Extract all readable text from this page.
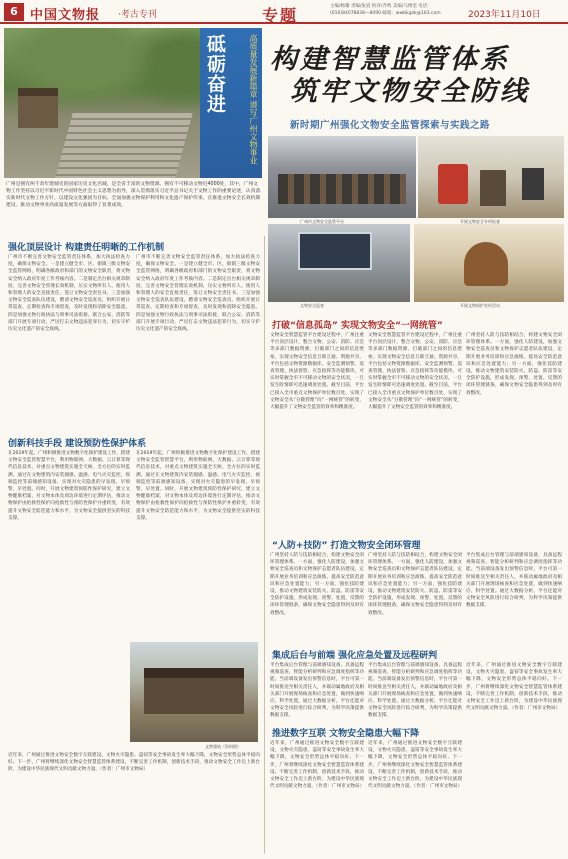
6 中国文物报 ·考古专刊	专题	主编/杨璐 责编/张宸 校对/齐鸣 美编/马傅奎 电话：(010)84078838—8090 邮箱：wwbkgzk@163.com	2023年11月10日
砥砺奋进	高质量发展新篇章 谱写广州文物事业
广州是拥有两千余年建城史的国家历史文化名城，是全省丰富的文物资源。拥有不可移动文物近4000处，其中，广州文物工作坚持以习近平新时代中国特色社会主义思想为指导，深入贯彻落实习近平总书记关于文物工作的重要论述，认真落实新时代文物工作方针，以建设文化强国为目标，全面加强文物保护利用和文化遗产保护传承，在推进文物安全长效机制建设、推动文物事业高质量发展等方面取得了显著成效。
构建智慧监管体系
筑牢文物安全防线
新时期广州强化文物安全监管探索与实践之路
广州市文物安全监管平台	开展文物安全专项检查
文物安全巡查	开展文物保护宣传活动
强化顶层设计 构建责任明晰的工作机制
广州市不断完善文物安全监管责任体系，加大执法检查力度，确保文物安全。一是建立健全市、区、街镇三级文物安全监管网络，明确各级政府和部门的文物安全职责，将文物安全纳入政府年度工作考核内容。二是制定出台相关规章制度，完善文物安全管理长效机制，压实文物所有人、使用人和管理人的安全直接责任，签订文物安全责任书。三是加强文物安全巡查队伍建设，聘请文物安全巡查员，组织开展日常巡查、定期检查和专项督查，及时发现和消除安全隐患。四是加强文物行政执法与刑事司法衔接，联合公安、消防等部门开展专项行动，严厉打击文物违法犯罪行为，切实守护历史文化遗产的安全底线。
广州市不断完善文物安全监管责任体系，加大执法检查力度，确保文物安全。一是建立健全市、区、街镇三级文物安全监管网络，明确各级政府和部门的文物安全职责，将文物安全纳入政府年度工作考核内容。二是制定出台相关规章制度，完善文物安全管理长效机制，压实文物所有人、使用人和管理人的安全直接责任，签订文物安全责任书。三是加强文物安全巡查队伍建设，聘请文物安全巡查员，组织开展日常巡查、定期检查和专项督查，及时发现和消除安全隐患。四是加强文物行政执法与刑事司法衔接，联合公安、消防等部门开展专项行动，严厉打击文物违法犯罪行为，切实守护历史文化遗产的安全底线。
创新科技手段 建设预防性保护体系
在2019年起，广州积极推进文物数字化保护建设工作，搭建文物安全监管智慧平台，利用物联网、大数据、云计算等现代信息技术，对重点文物建筑实施全天候、全方位的实时监测。通过在文物建筑内安装烟感、温感、电气火灾监控、视频监控等前端感知设备，实现对火灾隐患的早发现、早预警、早处置。同时，开展文物建筑预防性保护研究，建立文物健康档案，对文物本体及周边环境进行定期评估，推动文物保护由抢救性保护向抢救性与预防性保护并重转变，有效提升文物安全防范能力和水平，为文物安全提供坚实的科技支撑。
在2019年起，广州积极推进文物数字化保护建设工作，搭建文物安全监管智慧平台，利用物联网、大数据、云计算等现代信息技术，对重点文物建筑实施全天候、全方位的实时监测。通过在文物建筑内安装烟感、温感、电气火灾监控、视频监控等前端感知设备，实现对火灾隐患的早发现、早预警、早处置。同时，开展文物建筑预防性保护研究，建立文物健康档案，对文物本体及周边环境进行定期评估，推动文物保护由抢救性保护向抢救性与预防性保护并重转变，有效提升文物安全防范能力和水平，为文物安全提供坚实的科技支撑。
文物建筑（资料图）
近年来，广州通过推进文物安全数字互联建设，文物火灾隐患、盗窃等安全事故发生率大幅下降，文物安全形势总体平稳向好。下一步，广州将继续深化文物安全智慧监管体系建设，不断完善工作机制，创新技术手段，推动文物安全工作迈上新台阶，为建设中华民族现代文明贡献文物力量。（作者：广州市文物局）
打破“信息孤岛” 实现文物安全“一网统管”
文物安全智慧监管平台建设过程中，广州注重平台顶层设计，整合文物、公安、消防、应急等多部门数据资源，打破部门之间的信息壁垒，实现文物安全信息互联互通、资源共享。平台包括文物资源数据库、安全监测预警、巡查管理、执法督察、应急指挥等功能模块，可实时掌握全市不可移动文物的安全状况，一旦发生险情即可迅速调度处置。截至目前，平台已接入全市重点文物保护单位数百处，实现了文物安全从“分散管理”向“一网统管”的转变，大幅提升了文物安全监管的效率和精准度。
文物安全智慧监管平台建设过程中，广州注重平台顶层设计，整合文物、公安、消防、应急等多部门数据资源，打破部门之间的信息壁垒，实现文物安全信息互联互通、资源共享。平台包括文物资源数据库、安全监测预警、巡查管理、执法督察、应急指挥等功能模块，可实时掌握全市不可移动文物的安全状况，一旦发生险情即可迅速调度处置。截至目前，平台已接入全市重点文物保护单位数百处，实现了文物安全从“分散管理”向“一网统管”的转变，大幅提升了文物安全监管的效率和精准度。
广州坚持人防与技防相结合，构建文物安全闭环管理体系。一方面，强化人防建设，加强文物安全巡查员和文物保护志愿者队伍建设，定期开展业务培训和应急演练，提高安全防范意识和应急处置能力；另一方面，强化技防建设，推动文物建筑安装防火、防盗、防雷等安全防护设施，形成发现、预警、处置、反馈的闭环管理链条，确保文物安全隐患得到及时有效整改。
“人防+技防” 打造文物安全闭环管理
广州坚持人防与技防相结合，构建文物安全闭环管理体系。一方面，强化人防建设，加强文物安全巡查员和文物保护志愿者队伍建设，定期开展业务培训和应急演练，提高安全防范意识和应急处置能力；另一方面，强化技防建设，推动文物建筑安装防火、防盗、防雷等安全防护设施，形成发现、预警、处置、反馈的闭环管理链条，确保文物安全隐患得到及时有效整改。
广州坚持人防与技防相结合，构建文物安全闭环管理体系。一方面，强化人防建设，加强文物安全巡查员和文物保护志愿者队伍建设，定期开展业务培训和应急演练，提高安全防范意识和应急处置能力；另一方面，强化技防建设，推动文物建筑安装防火、防盗、防雷等安全防护设施，形成发现、预警、处置、反馈的闭环管理链条，确保文物安全隐患得到及时有效整改。
平台集成后台管理与前端感知设备，具备远程视频巡查、智能分析研判和应急调度指挥等功能。当前端设备发出预警信息时，平台可第一时间推送至相关责任人，并联动属地政府及相关部门开展现场核查和应急处置，做到快速响应、科学处置。通过大数据分析，平台还能对文物安全风险进行综合研判，为科学决策提供数据支撑。
集成后台与前端 强化应急处置及远程研判
平台集成后台管理与前端感知设备，具备远程视频巡查、智能分析研判和应急调度指挥等功能。当前端设备发出预警信息时，平台可第一时间推送至相关责任人，并联动属地政府及相关部门开展现场核查和应急处置，做到快速响应、科学处置。通过大数据分析，平台还能对文物安全风险进行综合研判，为科学决策提供数据支撑。
平台集成后台管理与前端感知设备，具备远程视频巡查、智能分析研判和应急调度指挥等功能。当前端设备发出预警信息时，平台可第一时间推送至相关责任人，并联动属地政府及相关部门开展现场核查和应急处置，做到快速响应、科学处置。通过大数据分析，平台还能对文物安全风险进行综合研判，为科学决策提供数据支撑。
近年来，广州通过推进文物安全数字互联建设，文物火灾隐患、盗窃等安全事故发生率大幅下降，文物安全形势总体平稳向好。下一步，广州将继续深化文物安全智慧监管体系建设，不断完善工作机制，创新技术手段，推动文物安全工作迈上新台阶，为建设中华民族现代文明贡献文物力量。（作者：广州市文物局）
推进数字互联 文物安全隐患大幅下降
近年来，广州通过推进文物安全数字互联建设，文物火灾隐患、盗窃等安全事故发生率大幅下降，文物安全形势总体平稳向好。下一步，广州将继续深化文物安全智慧监管体系建设，不断完善工作机制，创新技术手段，推动文物安全工作迈上新台阶，为建设中华民族现代文明贡献文物力量。（作者：广州市文物局）
近年来，广州通过推进文物安全数字互联建设，文物火灾隐患、盗窃等安全事故发生率大幅下降，文物安全形势总体平稳向好。下一步，广州将继续深化文物安全智慧监管体系建设，不断完善工作机制，创新技术手段，推动文物安全工作迈上新台阶，为建设中华民族现代文明贡献文物力量。（作者：广州市文物局）
